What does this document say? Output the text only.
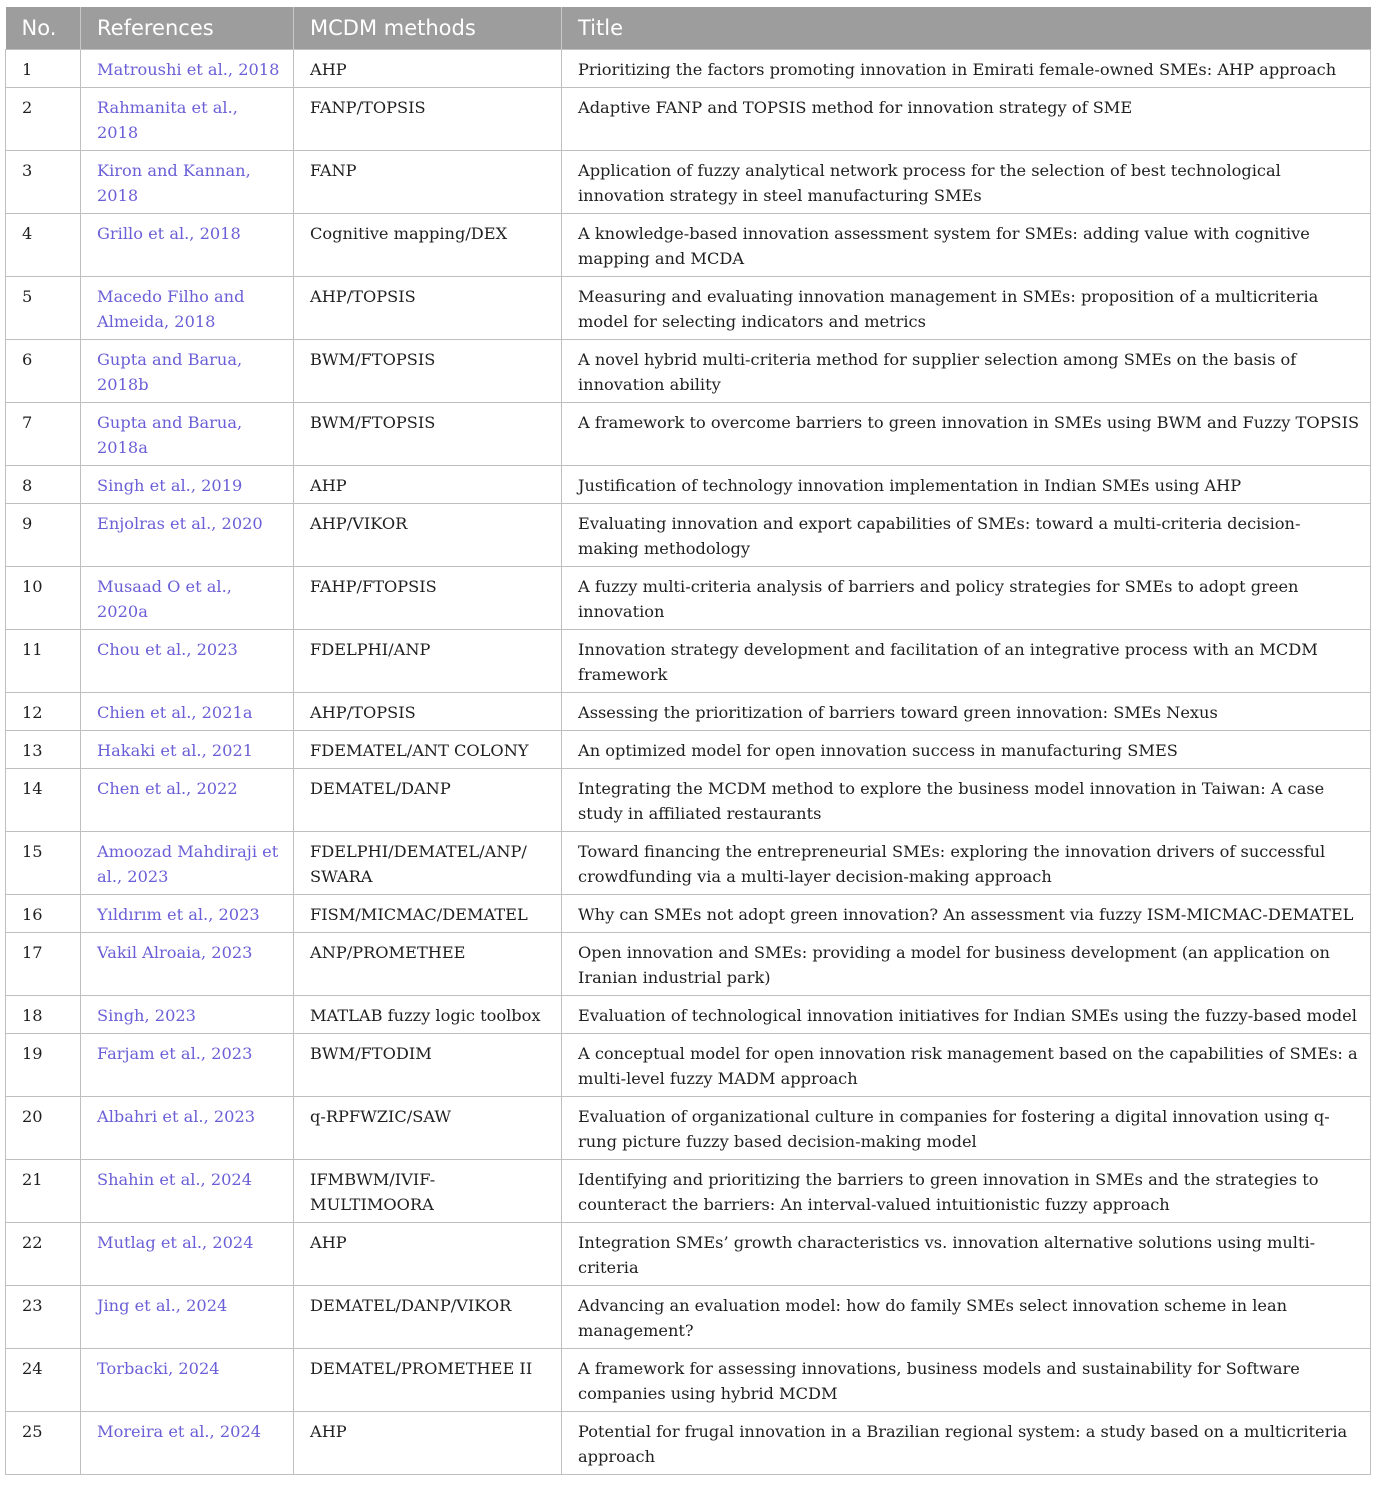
No.	References	MCDM methods	Title
1	Matroushi et al., 2018	AHP	Prioritizing the factors promoting innovation in Emirati female-owned SMEs: AHP approach
2	Rahmanita et al., 2018	FANP/TOPSIS	Adaptive FANP and TOPSIS method for innovation strategy of SME
3	Kiron and Kannan, 2018	FANP	Application of fuzzy analytical network process for the selection of best technological innovation strategy in steel manufacturing SMEs
4	Grillo et al., 2018	Cognitive mapping/DEX	A knowledge-based innovation assessment system for SMEs: adding value with cognitive mapping and MCDA
5	Macedo Filho and Almeida, 2018	AHP/TOPSIS	Measuring and evaluating innovation management in SMEs: proposition of a multicriteria model for selecting indicators and metrics
6	Gupta and Barua, 2018b	BWM/FTOPSIS	A novel hybrid multi-criteria method for supplier selection among SMEs on the basis of innovation ability
7	Gupta and Barua, 2018a	BWM/FTOPSIS	A framework to overcome barriers to green innovation in SMEs using BWM and Fuzzy TOPSIS
8	Singh et al., 2019	AHP	Justification of technology innovation implementation in Indian SMEs using AHP
9	Enjolras et al., 2020	AHP/VIKOR	Evaluating innovation and export capabilities of SMEs: toward a multi-criteria decision-making methodology
10	Musaad O et al., 2020a	FAHP/FTOPSIS	A fuzzy multi-criteria analysis of barriers and policy strategies for SMEs to adopt green innovation
11	Chou et al., 2023	FDELPHI/ANP	Innovation strategy development and facilitation of an integrative process with an MCDM framework
12	Chien et al., 2021a	AHP/TOPSIS	Assessing the prioritization of barriers toward green innovation: SMEs Nexus
13	Hakaki et al., 2021	FDEMATEL/ANT COLONY	An optimized model for open innovation success in manufacturing SMES
14	Chen et al., 2022	DEMATEL/DANP	Integrating the MCDM method to explore the business model innovation in Taiwan: A case study in affiliated restaurants
15	Amoozad Mahdiraji et al., 2023	FDELPHI/DEMATEL/ANP/ SWARA	Toward financing the entrepreneurial SMEs: exploring the innovation drivers of successful crowdfunding via a multi-layer decision-making approach
16	Yıldırım et al., 2023	FISM/MICMAC/DEMATEL	Why can SMEs not adopt green innovation? An assessment via fuzzy ISM-MICMAC-DEMATEL
17	Vakil Alroaia, 2023	ANP/PROMETHEE	Open innovation and SMEs: providing a model for business development (an application on Iranian industrial park)
18	Singh, 2023	MATLAB fuzzy logic toolbox	Evaluation of technological innovation initiatives for Indian SMEs using the fuzzy-based model
19	Farjam et al., 2023	BWM/FTODIM	A conceptual model for open innovation risk management based on the capabilities of SMEs: a multi-level fuzzy MADM approach
20	Albahri et al., 2023	q-RPFWZIC/SAW	Evaluation of organizational culture in companies for fostering a digital innovation using q-rung picture fuzzy based decision-making model
21	Shahin et al., 2024	IFMBWM/IVIF-MULTIMOORA	Identifying and prioritizing the barriers to green innovation in SMEs and the strategies to counteract the barriers: An interval-valued intuitionistic fuzzy approach
22	Mutlag et al., 2024	AHP	Integration SMEs’ growth characteristics vs. innovation alternative solutions using multi-criteria
23	Jing et al., 2024	DEMATEL/DANP/VIKOR	Advancing an evaluation model: how do family SMEs select innovation scheme in lean management?
24	Torbacki, 2024	DEMATEL/PROMETHEE II	A framework for assessing innovations, business models and sustainability for Software companies using hybrid MCDM
25	Moreira et al., 2024	AHP	Potential for frugal innovation in a Brazilian regional system: a study based on a multicriteria approach
